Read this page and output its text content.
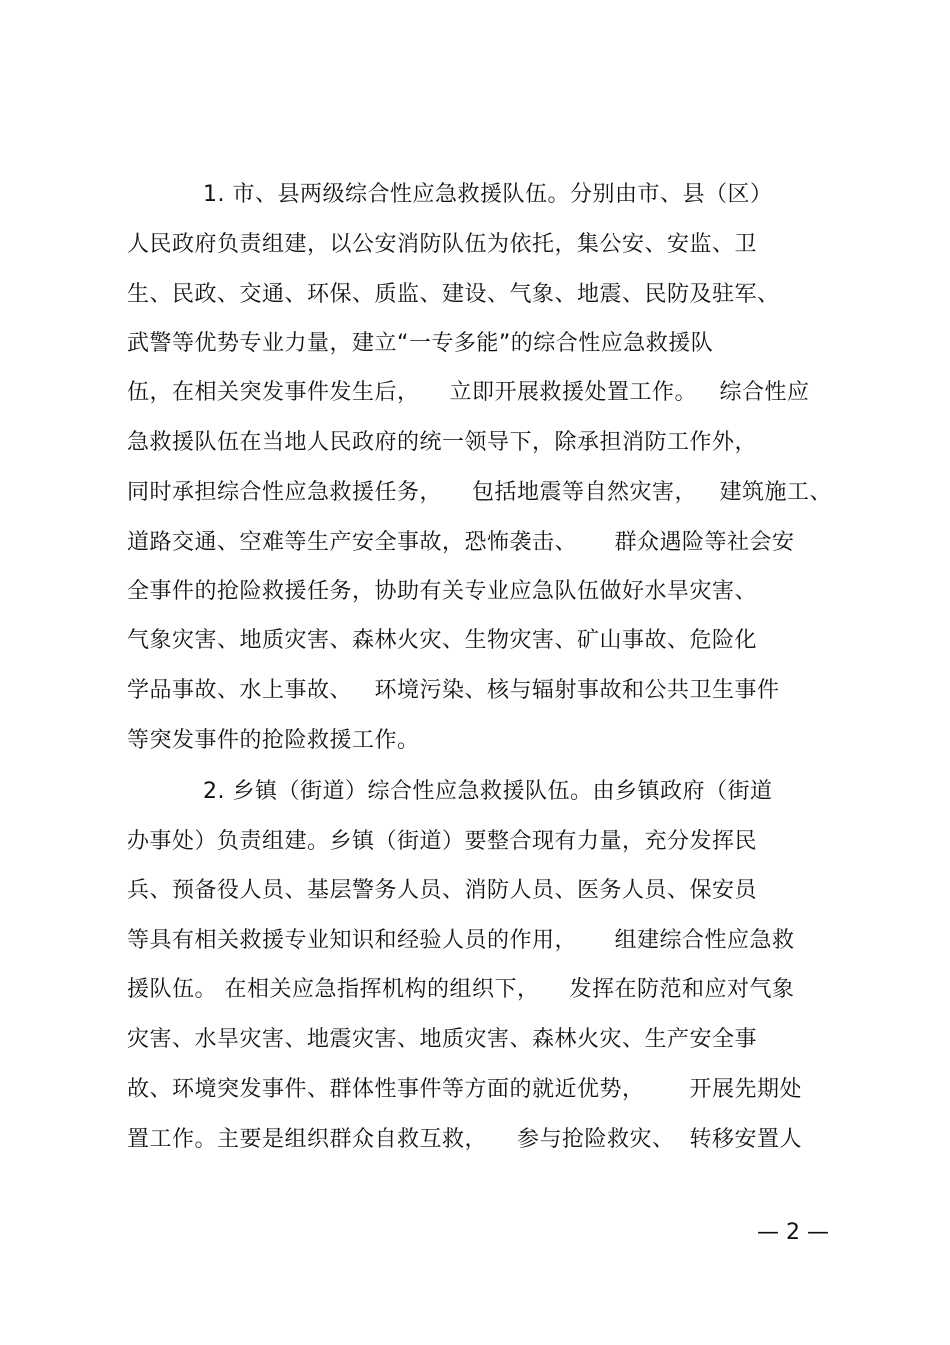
1. 市、县两级综合性应急救援队伍。分别由市、县（区）
人民政府负责组建，以公安消防队伍为依托，集公安、安监、卫
生、民政、交通、环保、质监、建设、气象、地震、民防及驻军、
武警等优势专业力量，建立“一专多能”的综合性应急救援队
伍，在相关突发事件发生后，    立即开展救援处置工作。   综合性应
急救援队伍在当地人民政府的统一领导下，除承担消防工作外，
同时承担综合性应急救援任务，    包括地震等自然灾害，   建筑施工、
道路交通、空难等生产安全事故，恐怖袭击、     群众遇险等社会安
全事件的抢险救援任务，协助有关专业应急队伍做好水旱灾害、
气象灾害、地质灾害、森林火灾、生物灾害、矿山事故、危险化
学品事故、水上事故、   环境污染、核与辐射事故和公共卫生事件
等突发事件的抢险救援工作。
2. 乡镇（街道）综合性应急救援队伍。由乡镇政府（街道
办事处）负责组建。乡镇（街道）要整合现有力量，充分发挥民
兵、预备役人员、基层警务人员、消防人员、医务人员、保安员
等具有相关救援专业知识和经验人员的作用，     组建综合性应急救
援队伍。 在相关应急指挥机构的组织下，    发挥在防范和应对气象
灾害、水旱灾害、地震灾害、地质灾害、森林火灾、生产安全事
故、环境突发事件、群体性事件等方面的就近优势，      开展先期处
置工作。主要是组织群众自救互救，    参与抢险救灾、  转移安置人
— 2 —
